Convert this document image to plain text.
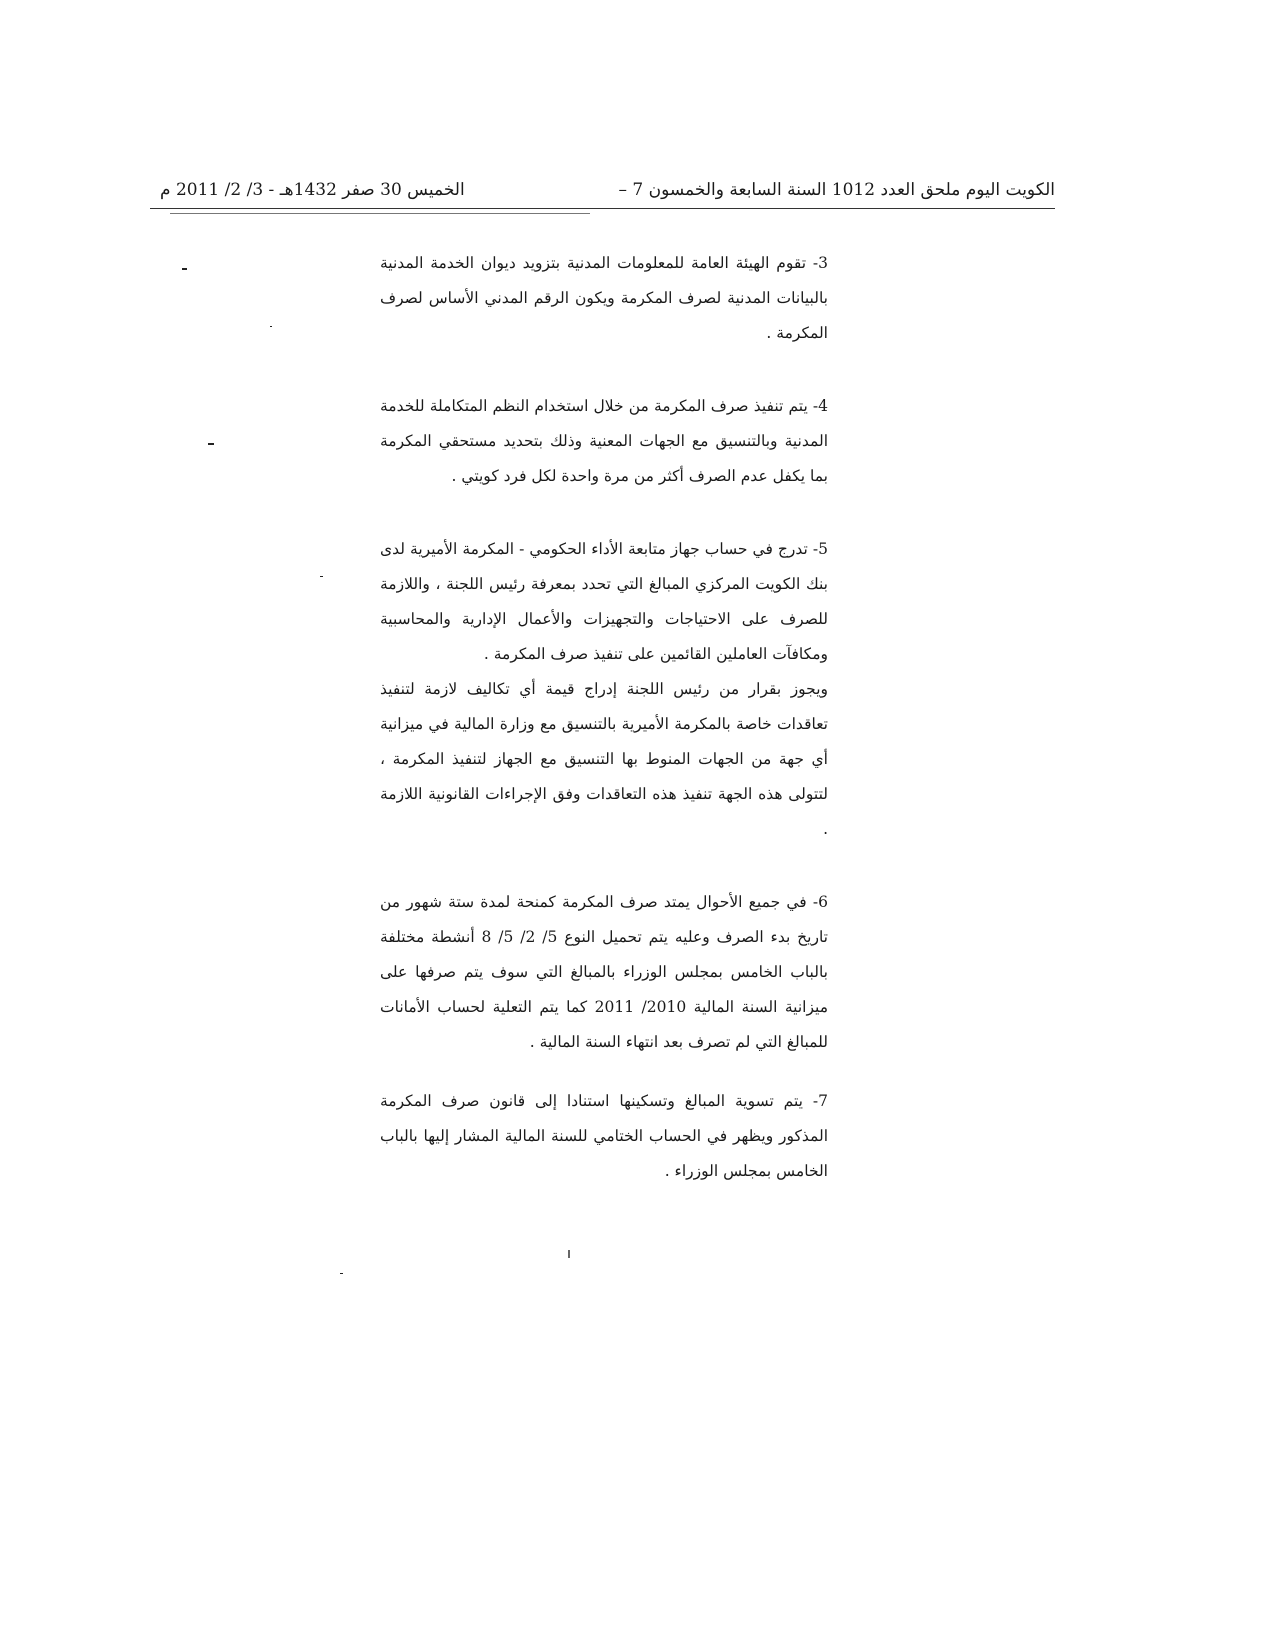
الكويت اليوم ملحق العدد 1012 السنة السابعة والخمسون 7 –
الخميس 30 صفر 1432هـ - 3/ 2/ 2011 م

3- تقوم الهيئة العامة للمعلومات المدنية بتزويد ديوان الخدمة المدنية بالبيانات المدنية لصرف المكرمة ويكون الرقم المدني الأساس لصرف المكرمة .

4- يتم تنفيذ صرف المكرمة من خلال استخدام النظم المتكاملة للخدمة المدنية وبالتنسيق مع الجهات المعنية وذلك بتحديد مستحقي المكرمة بما يكفل عدم الصرف أكثر من مرة واحدة لكل فرد كويتي .

5- تدرج في حساب جهاز متابعة الأداء الحكومي - المكرمة الأميرية لدى بنك الكويت المركزي المبالغ التي تحدد بمعرفة رئيس اللجنة ، واللازمة للصرف على الاحتياجات والتجهيزات والأعمال الإدارية والمحاسبية ومكافآت العاملين القائمين على تنفيذ صرف المكرمة .

ويجوز بقرار من رئيس اللجنة إدراج قيمة أي تكاليف لازمة لتنفيذ تعاقدات خاصة بالمكرمة الأميرية بالتنسيق مع وزارة المالية في ميزانية أي جهة من الجهات المنوط بها التنسيق مع الجهاز لتنفيذ المكرمة ، لتتولى هذه الجهة تنفيذ هذه التعاقدات وفق الإجراءات القانونية اللازمة .

6- في جميع الأحوال يمتد صرف المكرمة كمنحة لمدة ستة شهور من تاريخ بدء الصرف وعليه يتم تحميل النوع 5/ 2/ 5/ 8 أنشطة مختلفة بالباب الخامس بمجلس الوزراء بالمبالغ التي سوف يتم صرفها على ميزانية السنة المالية 2010/ 2011 كما يتم التعلية لحساب الأمانات للمبالغ التي لم تصرف بعد انتهاء السنة المالية .

7- يتم تسوية المبالغ وتسكينها استنادا إلى قانون صرف المكرمة المذكور ويظهر في الحساب الختامي للسنة المالية المشار إليها بالباب الخامس بمجلس الوزراء .
